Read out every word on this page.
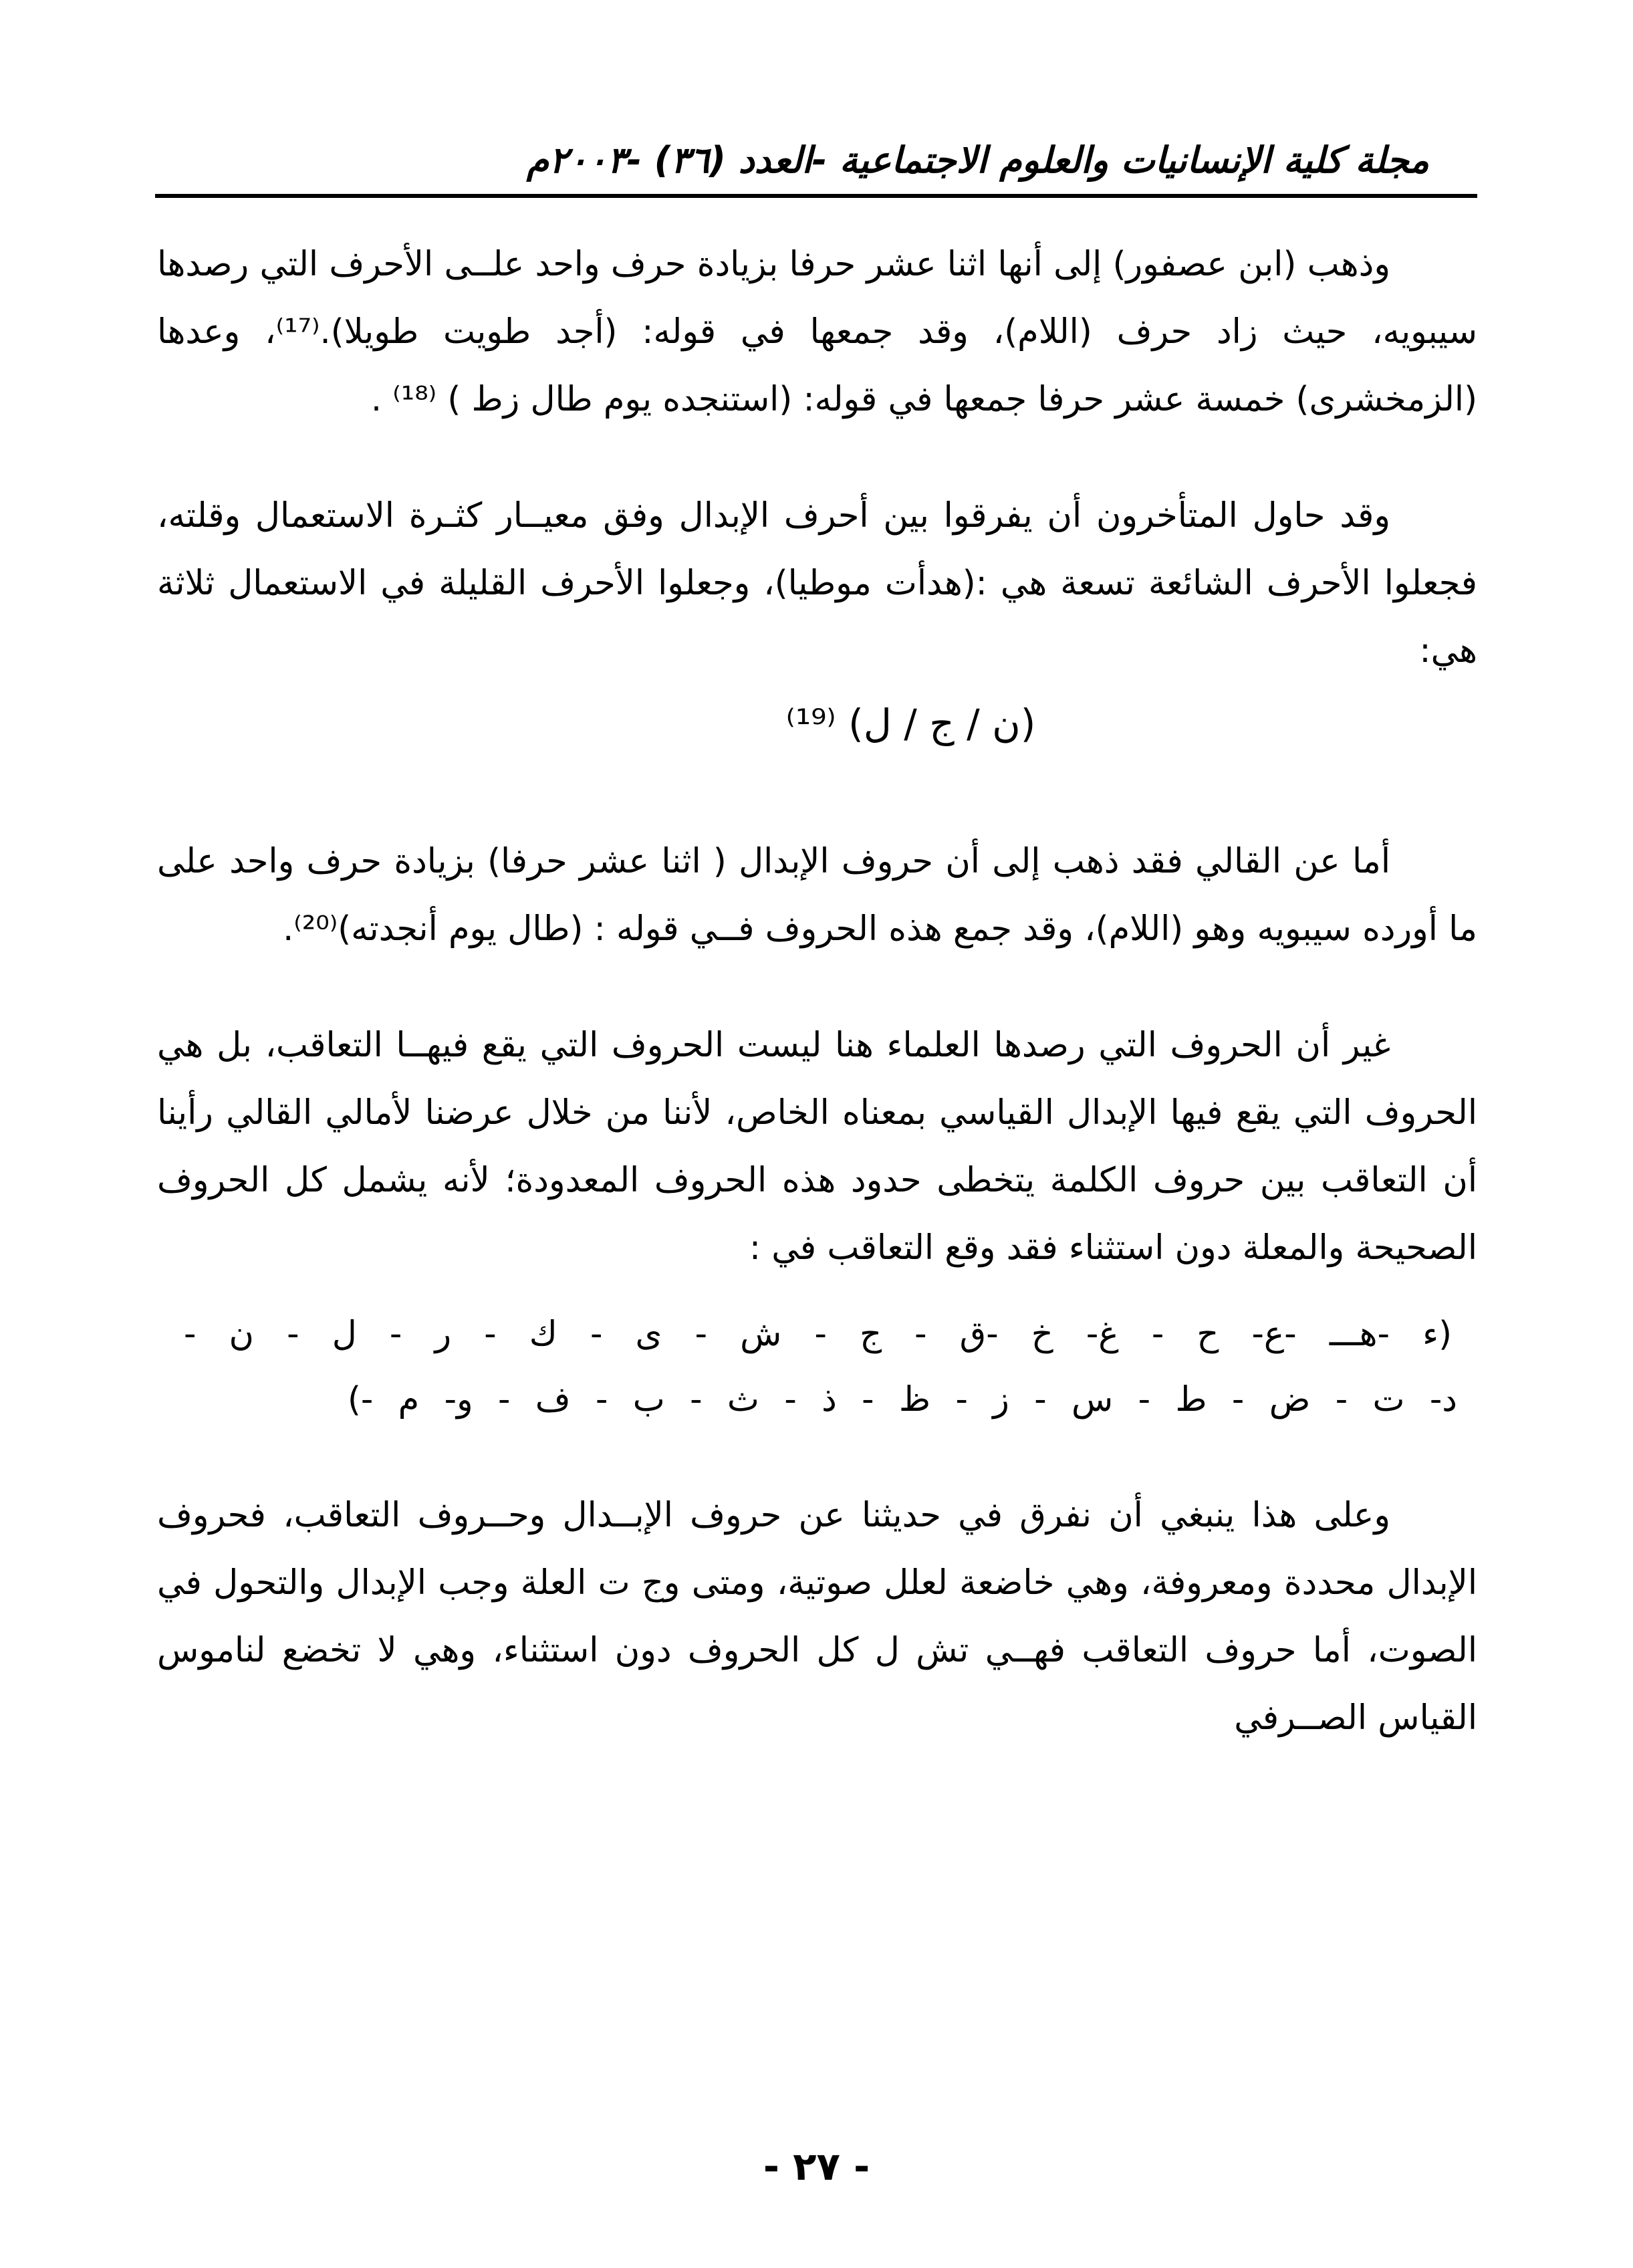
مجلة كلية الإنسانيات والعلوم الاجتماعية -العدد (٣٦) -٢٠٠٣م

وذهب (ابن عصفور) إلى أنها اثنا عشر حرفا بزيادة حرف واحد علــى الأحرف التي رصدها سيبويه، حيث زاد حرف (اللام)، وقد جمعها في قوله: (أجد طويت طويلا).⁽¹⁷⁾، وعدها (الزمخشرى) خمسة عشر حرفا جمعها في قوله: (استنجده يوم طال زط ) ⁽¹⁸⁾ .

وقد حاول المتأخرون أن يفرقوا بين أحرف الإبدال وفق معيــار كثـرة الاستعمال وقلته، فجعلوا الأحرف الشائعة تسعة هي :(هدأت موطيا)، وجعلوا الأحرف القليلة في الاستعمال ثلاثة هي:

(ن / ج / ل) ⁽¹⁹⁾

أما عن القالي فقد ذهب إلى أن حروف الإبدال ( اثنا عشر حرفا) بزيادة حرف واحد على ما أورده سيبويه وهو (اللام)، وقد جمع هذه الحروف فــي قوله : (طال يوم أنجدته)⁽²⁰⁾.

غير أن الحروف التي رصدها العلماء هنا ليست الحروف التي يقع فيهــا التعاقب، بل هي الحروف التي يقع فيها الإبدال القياسي بمعناه الخاص، لأننا من خلال عرضنا لأمالي القالي رأينا أن التعاقب بين حروف الكلمة يتخطى حدود هذه الحروف المعدودة؛ لأنه يشمل كل الحروف الصحيحة والمعلة دون استثناء فقد وقع التعاقب في :

(ء -هـــ -ع- ح - غ- خ -ق - ج - ش - ى - ك - ر - ل - ن -
د- ت - ض - ط - س - ز - ظ - ذ - ث - ب - ف - و- م -)

وعلى هذا ينبغي أن نفرق في حديثنا عن حروف الإبــدال وحــروف التعاقب، فحروف الإبدال محددة ومعروفة، وهي خاضعة لعلل صوتية، ومتى وج ت العلة وجب الإبدال والتحول في الصوت، أما حروف التعاقب فهــي تش ل كل الحروف دون استثناء، وهي لا تخضع لناموس القياس الصــرفي

- ٢٧ -
